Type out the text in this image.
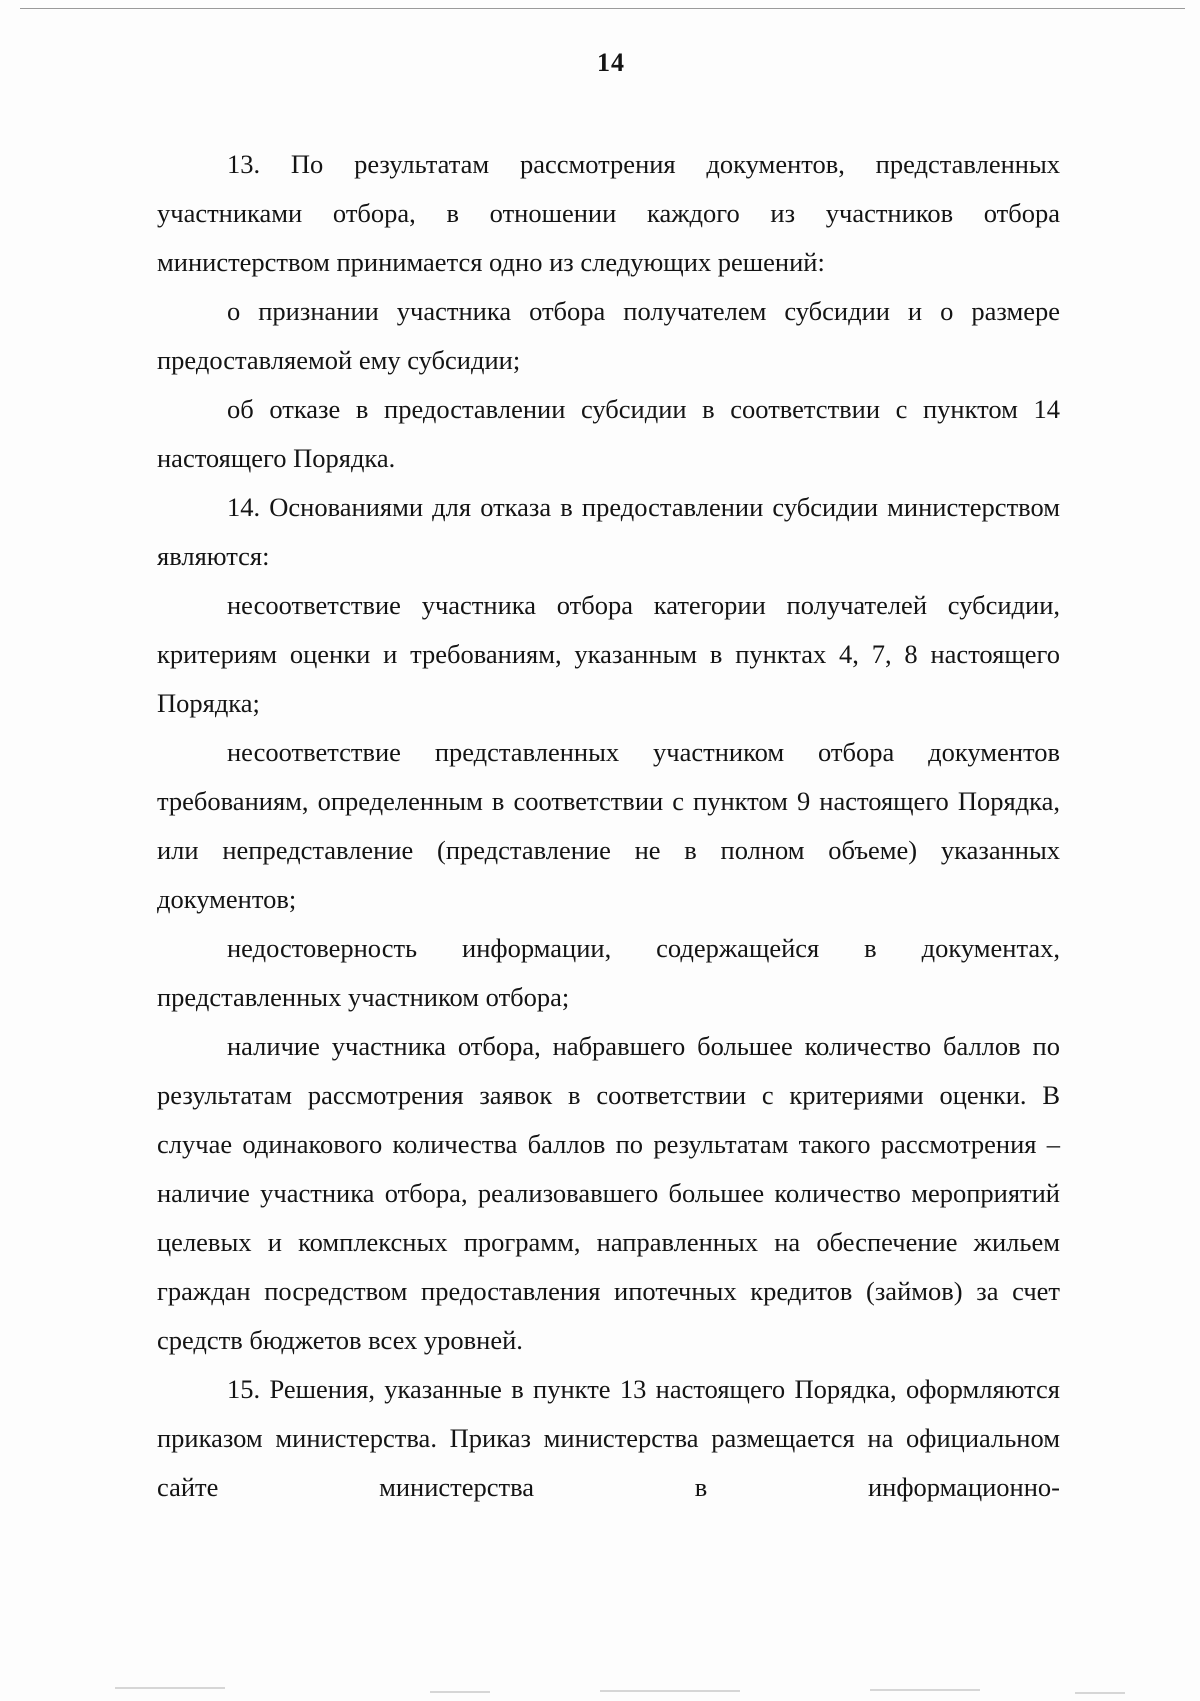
14

13. По результатам рассмотрения документов, представленных участниками отбора, в отношении каждого из участников отбора министерством принимается одно из следующих решений:

о признании участника отбора получателем субсидии и о размере предоставляемой ему субсидии;

об отказе в предоставлении субсидии в соответствии с пунктом 14 настоящего Порядка.

14. Основаниями для отказа в предоставлении субсидии министерством являются:

несоответствие участника отбора категории получателей субсидии, критериям оценки и требованиям, указанным в пунктах 4, 7, 8 настоящего Порядка;

несоответствие представленных участником отбора документов требованиям, определенным в соответствии с пунктом 9 настоящего Порядка, или непредставление (представление не в полном объеме) указанных документов;

недостоверность информации, содержащейся в документах, представленных участником отбора;

наличие участника отбора, набравшего большее количество баллов по результатам рассмотрения заявок в соответствии с критериями оценки. В случае одинакового количества баллов по результатам такого рассмотрения – наличие участника отбора, реализовавшего большее количество мероприятий целевых и комплексных программ, направленных на обеспечение жильем граждан посредством предоставления ипотечных кредитов (займов) за счет средств бюджетов всех уровней.

15. Решения, указанные в пункте 13 настоящего Порядка, оформляются приказом министерства. Приказ министерства размещается на официальном сайте министерства в информационно-
